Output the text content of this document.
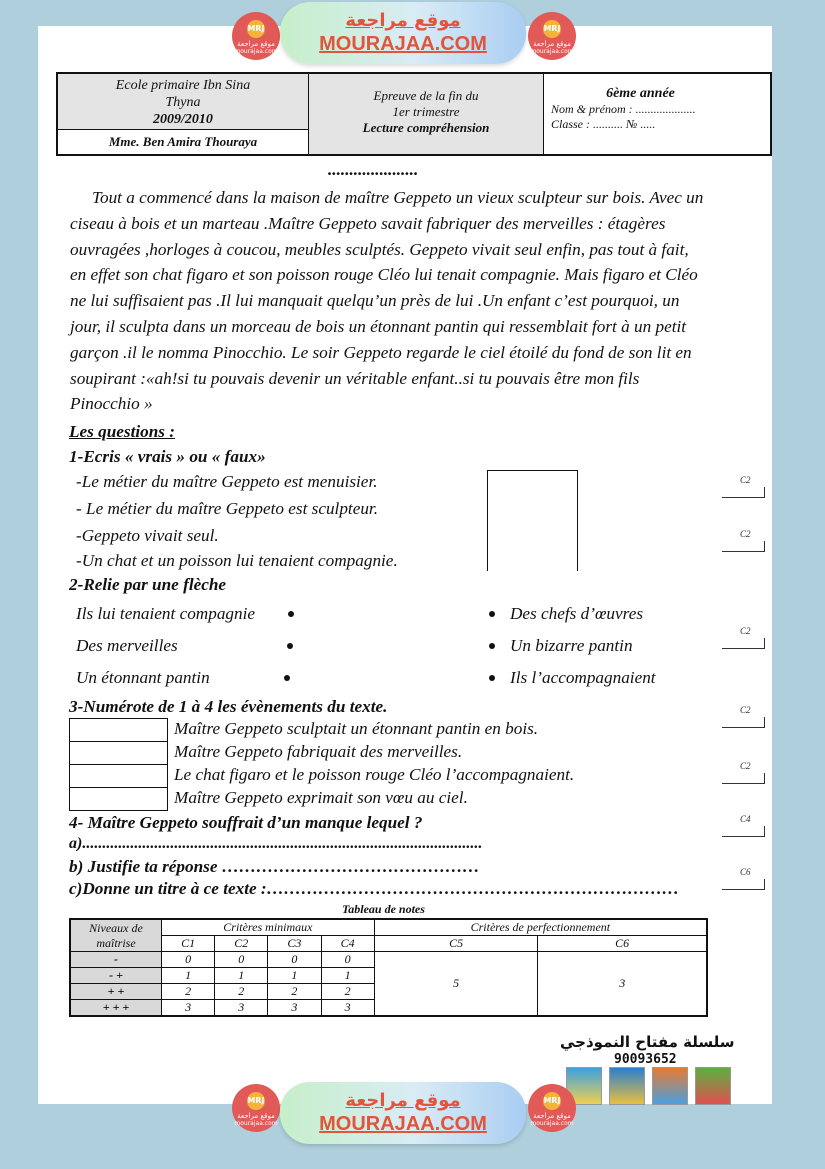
MRJ
موقع مراجعة
mourajaa.com
موقع مراجعة
MOURAJAA.COM
MRJ
موقع مراجعة
mourajaa.com
Ecole primaire Ibn Sina
Thyna
2009/2010
Mme. Ben Amira Thouraya
Epreuve de la fin du
1er trimestre
Lecture compréhension
6ème année
Nom & prénom : ....................
Classe : .......... № .....
.....................
Tout a commencé dans la maison de maître Geppeto un vieux sculpteur sur bois. Avec un
ciseau à bois et un marteau .Maître Geppeto savait fabriquer des merveilles : étagères
ouvragées ,horloges à coucou, meubles sculptés. Geppeto vivait seul enfin, pas tout à fait,
en effet son chat figaro et son poisson rouge Cléo lui tenait compagnie. Mais figaro et Cléo
ne lui suffisaient pas .Il lui manquait quelqu’un près de lui .Un enfant c’est pourquoi, un
jour, il sculpta dans un morceau de bois un étonnant pantin qui ressemblait fort à un petit
garçon .il le nomma Pinocchio. Le soir Geppeto regarde le ciel étoilé du fond de son lit en
soupirant :«ah!si tu pouvais devenir un véritable enfant..si tu pouvais être mon fils
Pinocchio »
Les questions :
1-Ecris « vrais » ou « faux»
-Le métier du maître Geppeto est menuisier.
- Le métier du maître Geppeto est sculpteur.
-Geppeto vivait seul.
-Un chat et un poisson lui tenaient compagnie.
2-Relie par une flèche
Ils lui tenaient compagnie
Des merveilles
Un étonnant pantin
Des chefs d’œuvres
Un bizarre pantin
Ils l’accompagnaient
3-Numérote de 1 à 4 les évènements du texte.
Maître Geppeto sculptait un étonnant pantin en bois.
Maître Geppeto fabriquait des merveilles.
Le chat figaro et le poisson rouge Cléo l’accompagnaient.
Maître Geppeto exprimait son vœu au ciel.
4- Maître Geppeto souffrait d’un manque lequel ?
a)....................................................................................................
b) Justifie ta réponse ………………………………………
c)Donne un titre à ce texte :………………………………………………………………
C2
C2
C2
C2
C2
C4
C6
Tableau de notes
Niveaux de maîtrise	Critères minimaux				Critères de perfectionnement	
	C1	C2	C3	C4	C5	C6
-	0	0	0	0	5	3
- +	1	1	1	1		
+ +	2	2	2	2		
+ + +	3	3	3	3		
سلسلة مفتاح النموذجي
90093652
MRJ
موقع مراجعة
mourajaa.com
موقع مراجعة
MOURAJAA.COM
MRJ
موقع مراجعة
mourajaa.com
